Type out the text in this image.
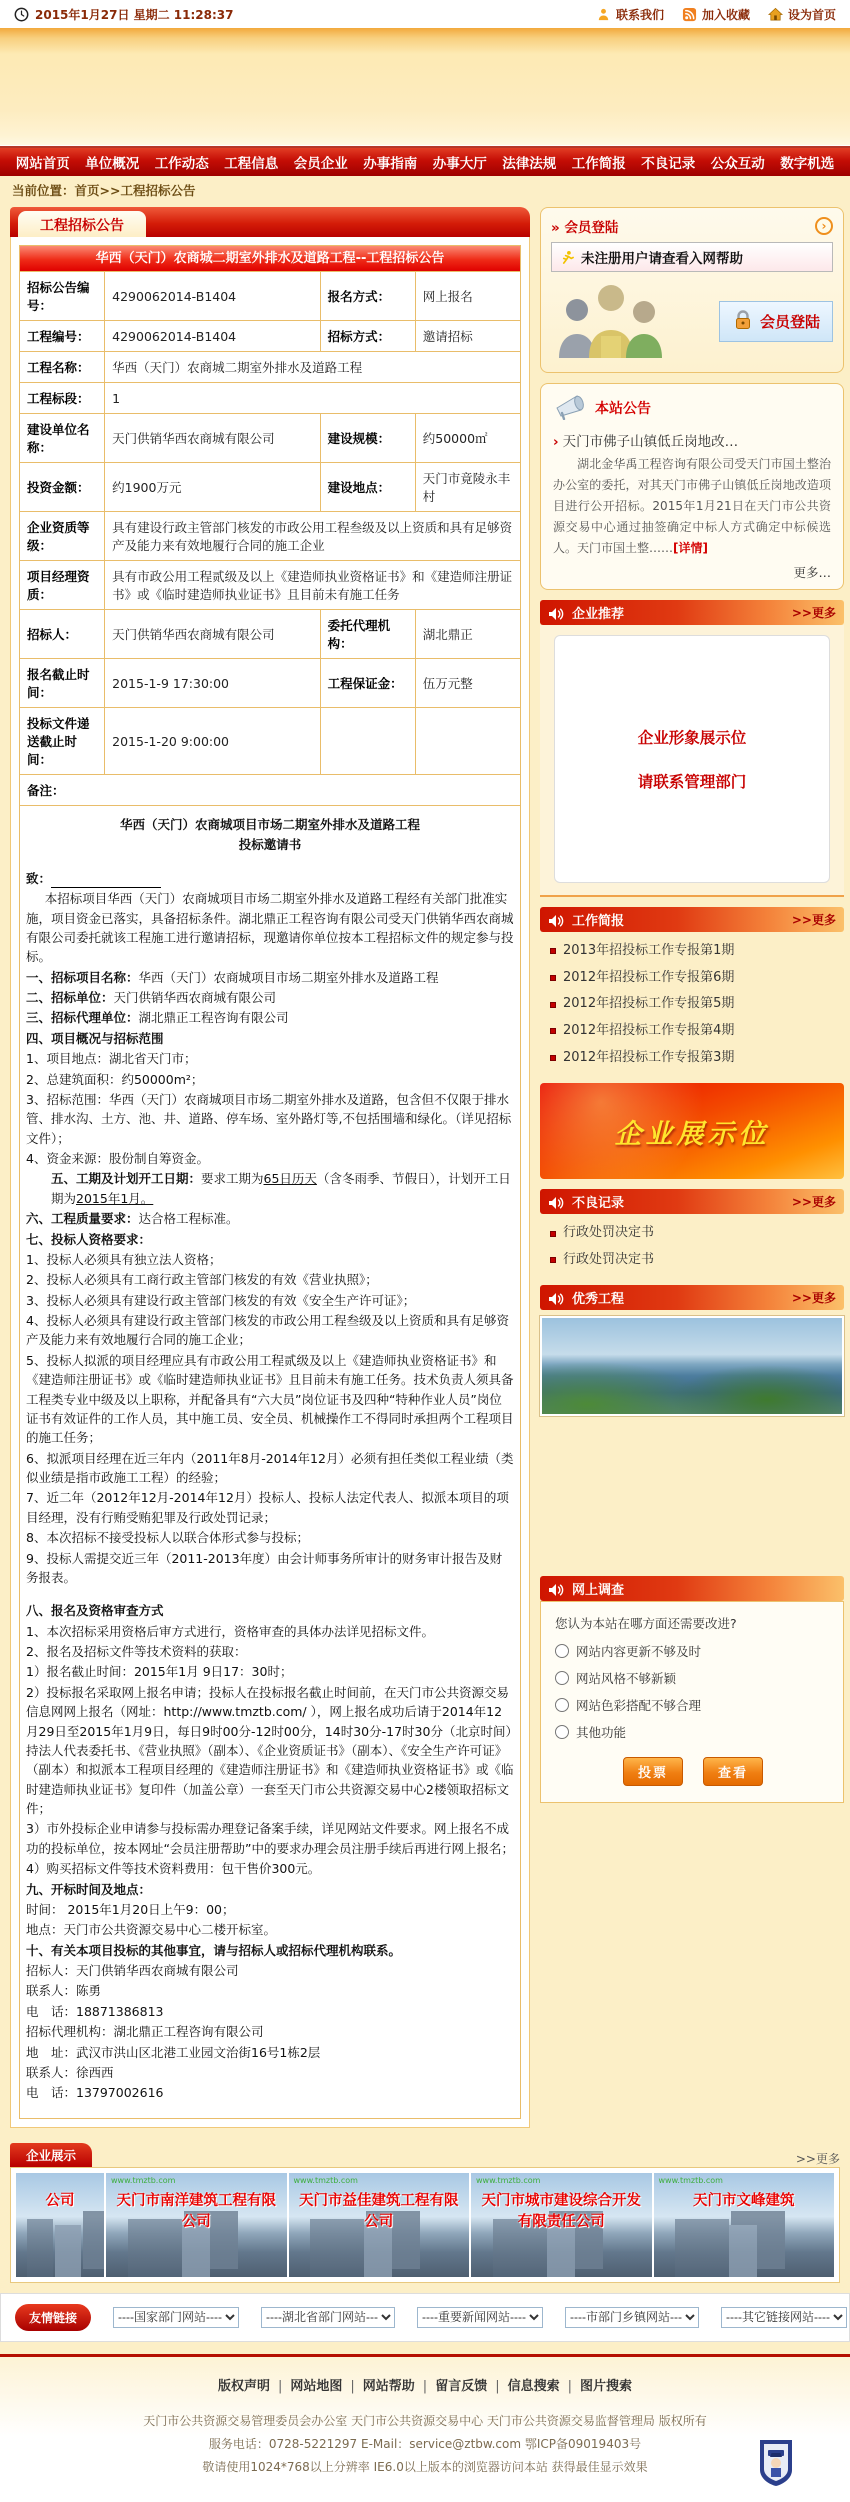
2015年1月27日 星期二 11:28:37	联系我们	加入收藏	设为首页
网站首页 单位概况 工作动态 工程信息 会员企业 办事指南 办事大厅 法律法规 工作简报 不良记录 公众互动 数字机选
当前位置：首页>>工程招标公告
工程招标公告
华西（天门）农商城二期室外排水及道路工程--工程招标公告
招标公告编号：	4290062014-B1404	报名方式：	网上报名
工程编号：	4290062014-B1404	招标方式：	邀请招标
工程名称：	华西（天门）农商城二期室外排水及道路工程		
工程标段：	1		
建设单位名称：	天门供销华西农商城有限公司	建设规模：	约50000㎡
投资金额：	约1900万元	建设地点：	天门市竟陵永丰村
企业资质等级：	具有建设行政主管部门核发的市政公用工程叁级及以上资质和具有足够资产及能力来有效地履行合同的施工企业		
项目经理资质：	具有市政公用工程贰级及以上《建造师执业资格证书》和《建造师注册证书》或《临时建造师执业证书》且目前未有施工任务		
招标人：	天门供销华西农商城有限公司	委托代理机构：	湖北鼎正
报名截止时间：	2015-1-9 17:30:00	工程保证金：	伍万元整
投标文件递送截止时间：	2015-1-20 9:00:00		
备注：			

华西（天门）农商城项目市场二期室外排水及道路工程

投标邀请书

致：

本招标项目华西（天门）农商城项目市场二期室外排水及道路工程经有关部门批准实施，项目资金已落实，具备招标条件。湖北鼎正工程咨询有限公司受天门供销华西农商城有限公司委托就该工程施工进行邀请招标，现邀请你单位按本工程招标文件的规定参与投标。

一、招标项目名称：华西（天门）农商城项目市场二期室外排水及道路工程

二、招标单位：天门供销华西农商城有限公司

三、招标代理单位：湖北鼎正工程咨询有限公司

四、项目概况与招标范围

1、项目地点：湖北省天门市；

2、总建筑面积：约50000m²；

3、招标范围：华西（天门）农商城项目市场二期室外排水及道路，包含但不仅限于排水管、排水沟、土方、池、井、道路、停车场、室外路灯等,不包括围墙和绿化。（详见招标文件）；

4、资金来源：股份制自筹资金。

五、工期及计划开工日期：要求工期为65日历天（含冬雨季、节假日），计划开工日期为2015年1月。

六、工程质量要求：达合格工程标准。

七、投标人资格要求：

1、投标人必须具有独立法人资格；

2、投标人必须具有工商行政主管部门核发的有效《营业执照》；

3、投标人必须具有建设行政主管部门核发的有效《安全生产许可证》；

4、投标人必须具有建设行政主管部门核发的市政公用工程叁级及以上资质和具有足够资产及能力来有效地履行合同的施工企业；

5、投标人拟派的项目经理应具有市政公用工程贰级及以上《建造师执业资格证书》和《建造师注册证书》或《临时建造师执业证书》且目前未有施工任务。技术负责人须具备工程类专业中级及以上职称，并配备具有“六大员”岗位证书及四种“特种作业人员”岗位证书有效证件的工作人员，其中施工员、安全员、机械操作工不得同时承担两个工程项目的施工任务；

6、拟派项目经理在近三年内（2011年8月-2014年12月）必须有担任类似工程业绩（类似业绩是指市政施工工程）的经验；

7、近二年（2012年12月-2014年12月）投标人、投标人法定代表人、拟派本项目的项目经理，没有行贿受贿犯罪及行政处罚记录；

8、本次招标不接受投标人以联合体形式参与投标；

9、投标人需提交近三年（2011-2013年度）由会计师事务所审计的财务审计报告及财务报表。

八、报名及资格审查方式

1、本次招标采用资格后审方式进行，资格审查的具体办法详见招标文件。

2、报名及招标文件等技术资料的获取：

1）报名截止时间：2015年1月 9日17：30时；

2）投标报名采取网上报名申请；投标人在投标报名截止时间前，在天门市公共资源交易信息网网上报名（网址：http://www.tmztb.com/ ），网上报名成功后请于2014年12月29日至2015年1月9日，每日9时00分-12时00分，14时30分-17时30分（北京时间）持法人代表委托书、《营业执照》（副本）、《企业资质证书》（副本）、《安全生产许可证》（副本）和拟派本工程项目经理的《建造师注册证书》和《建造师执业资格证书》或《临时建造师执业证书》复印件（加盖公章）一套至天门市公共资源交易中心2楼领取招标文件；

3）市外投标企业申请参与投标需办理登记备案手续，详见网站文件要求。网上报名不成功的投标单位，按本网址“会员注册帮助”中的要求办理会员注册手续后再进行网上报名；

4）购买招标文件等技术资料费用：包干售价300元。

九、开标时间及地点：

时间： 2015年1月20日上午9：00；

地点：天门市公共资源交易中心二楼开标室。

十、有关本项目投标的其他事宜，请与招标人或招标代理机构联系。

招标人：天门供销华西农商城有限公司

联系人：陈勇

电　话：18871386813

招标代理机构：湖北鼎正工程咨询有限公司

地　址：武汉市洪山区北港工业园文治街16号1栋2层

联系人：徐西西

电　话：13797002616

» 会员登陆	›
未注册用户请查看入网帮助
会员登陆
本站公告
› 天门市佛子山镇低丘岗地改…
湖北金华禹工程咨询有限公司受天门市国土整治办公室的委托，对其天门市佛子山镇低丘岗地改造项目进行公开招标。2015年1月21日在天门市公共资源交易中心通过抽签确定中标人方式确定中标候选人。天门市国土整……[详情]
更多…
企业推荐	>>更多
企业形象展示位
请联系管理部门
工作简报	>>更多
2013年招投标工作专报第1期
2012年招投标工作专报第6期
2012年招投标工作专报第5期
2012年招投标工作专报第4期
2012年招投标工作专报第3期
企业展示位
不良记录	>>更多
行政处罚决定书
行政处罚决定书
优秀工程	>>更多
网上调查
您认为本站在哪方面还需要改进?
网站内容更新不够及时
网站风格不够新颖
网站色彩搭配不够合理
其他功能
投票	查看
企业展示	>>更多
公司
www.tmztb.com
天门市南洋建筑工程有限公司
www.tmztb.com
天门市益佳建筑工程有限公司
www.tmztb.com
天门市城市建设综合开发有限责任公司
www.tmztb.com
天门市文峰建筑
友情链接
----国家部门网站----
----湖北省部门网站---
----重要新闻网站----
----市部门乡镇网站---
----其它链接网站----
版权声明 | 网站地图 | 网站帮助 | 留言反馈 | 信息搜索 | 图片搜索
天门市公共资源交易管理委员会办公室 天门市公共资源交易中心 天门市公共资源交易监督管理局 版权所有
服务电话：0728-5221297 E-Mail：service@ztbw.com 鄂ICP备09019403号
敬请使用1024*768以上分辨率 IE6.0以上版本的浏览器访问本站 获得最佳显示效果
